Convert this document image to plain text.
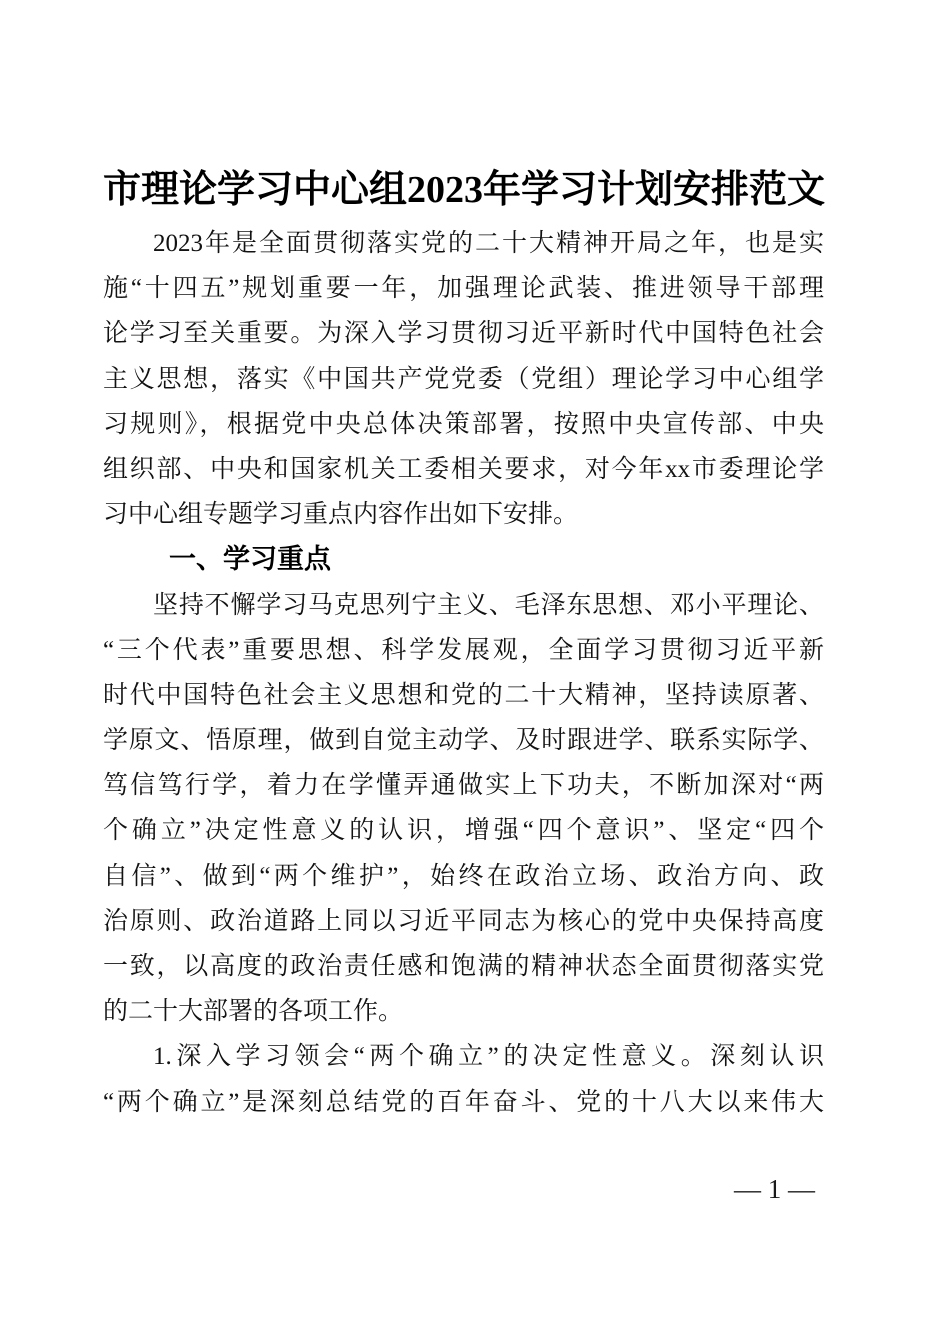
市理论学习中心组2023年学习计划安排范文
2023年是全面贯彻落实党的二十大精神开局之年，也是实
施“十四五”规划重要一年，加强理论武装、推进领导干部理
论学习至关重要。为深入学习贯彻习近平新时代中国特色社会
主义思想，落实《中国共产党党委（党组）理论学习中心组学
习规则》，根据党中央总体决策部署，按照中央宣传部、中央
组织部、中央和国家机关工委相关要求，对今年xx市委理论学
习中心组专题学习重点内容作出如下安排。
一、学习重点
坚持不懈学习马克思列宁主义、毛泽东思想、邓小平理论、
“三个代表”重要思想、科学发展观，全面学习贯彻习近平新
时代中国特色社会主义思想和党的二十大精神，坚持读原著、
学原文、悟原理，做到自觉主动学、及时跟进学、联系实际学、
笃信笃行学，着力在学懂弄通做实上下功夫，不断加深对“两
个确立”决定性意义的认识，增强“四个意识”、坚定“四个
自信”、做到“两个维护”，始终在政治立场、政治方向、政
治原则、政治道路上同以习近平同志为核心的党中央保持高度
一致，以高度的政治责任感和饱满的精神状态全面贯彻落实党
的二十大部署的各项工作。
1.深入学习领会“两个确立”的决定性意义。深刻认识
“两个确立”是深刻总结党的百年奋斗、党的十八大以来伟大
— 1 —
